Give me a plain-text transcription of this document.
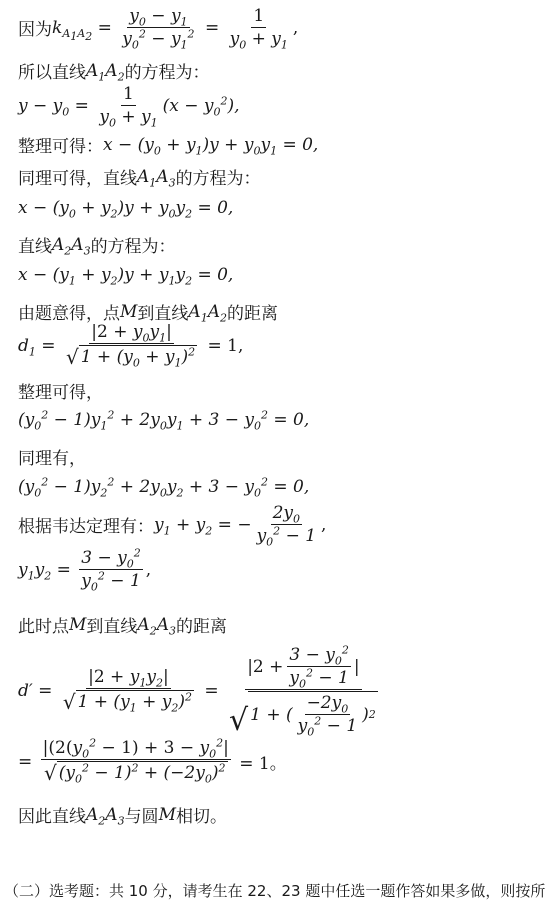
因为 $k_{A_1A_2} = \frac{y_0 - y_1}{y_0^2 - y_1^2} = \frac{1}{y_0 + y_1}$ ,
所以直线 $A_1A_2$ 的方程为：
$y - y_0 = \frac{1}{y_0 + y_1} (x - y_0^2)$,
整理可得： $x - (y_0 + y_1)y + y_0y_1 = 0$,
同理可得，直线 $A_1A_3$ 的方程为：
$x - (y_0 + y_2)y + y_0y_2 = 0$,
直线 $A_2A_3$ 的方程为：
$x - (y_1 + y_2)y + y_1y_2 = 0$,
由题意得，点 M 到直线 $A_1A_2$ 的距离
$d_1 = \frac{|2 + y_0y_1|}{√ 1 + (y_0 + y_1)^2} = 1$,
整理可得，
$(y_0^2 - 1)y_1^2 + 2y_0y_1 + 3 - y_0^2 = 0$,
同理有，
$(y_0^2 - 1)y_2^2 + 2y_0y_2 + 3 - y_0^2 = 0$,
根据韦达定理有： $y_1 + y_2$ = − $\frac{2y_0}{y_0^2 - 1}$ ,
$y_1y_2 = \frac{3 - y_0^2}{y_0^2 - 1}$ ,
此时点 M 到直线 $A_2A_3$ 的距离
$d' = \frac{|2 + y_1y_2|}{√ 1 + (y_1 + y_2)^2}$ =
$|2 + \frac{3 - y_0^2}{y_0^2 - 1}$ |
√ 1 + ( $\frac{-2y_0}{y_0^2 - 1}$ ) 2
= $\frac{|(2(y_0^2 - 1) + 3 - y_0^2|}{√ (y_0^2 - 1)^2 + (-2y_0)^2} = 1$。
因此直线 $A_2A_3$ 与圆 M 相切。
（二）选考题：共 10 分，请考生在 22、23 题中任选一题作答如果多做，则按所
